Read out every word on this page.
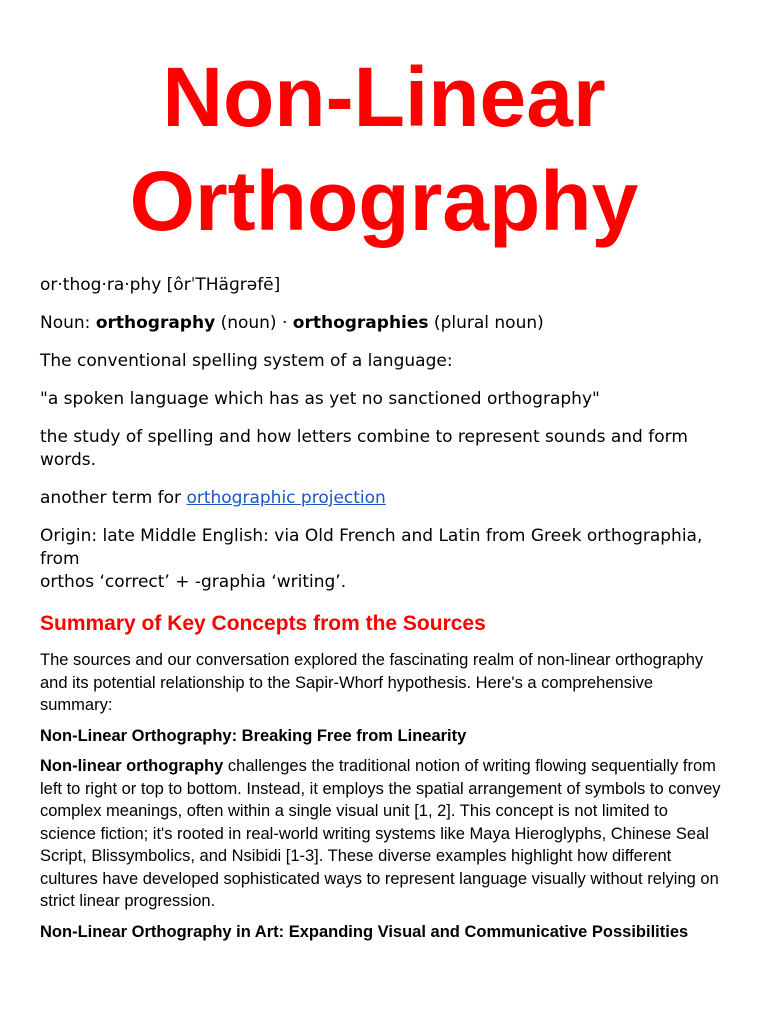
Non-Linear
Orthography

or·thog·ra·phy [ôrˈTHäɡrəfē]

Noun: orthography (noun) · orthographies (plural noun)

The conventional spelling system of a language:

"a spoken language which has as yet no sanctioned orthography"

the study of spelling and how letters combine to represent sounds and form words.

another term for orthographic projection

Origin: late Middle English: via Old French and Latin from Greek orthographia, from
orthos ‘correct’ + -graphia ‘writing’.

Summary of Key Concepts from the Sources

The sources and our conversation explored the fascinating realm of non-linear orthography and its potential relationship to the Sapir-Whorf hypothesis. Here's a comprehensive summary:

Non-Linear Orthography: Breaking Free from Linearity

Non-linear orthography challenges the traditional notion of writing flowing sequentially from left to right or top to bottom. Instead, it employs the spatial arrangement of symbols to convey complex meanings, often within a single visual unit [1, 2]. This concept is not limited to science fiction; it's rooted in real-world writing systems like Maya Hieroglyphs, Chinese Seal Script, Blissymbolics, and Nsibidi [1-3]. These diverse examples highlight how different cultures have developed sophisticated ways to represent language visually without relying on strict linear progression.

Non-Linear Orthography in Art: Expanding Visual and Communicative Possibilities
